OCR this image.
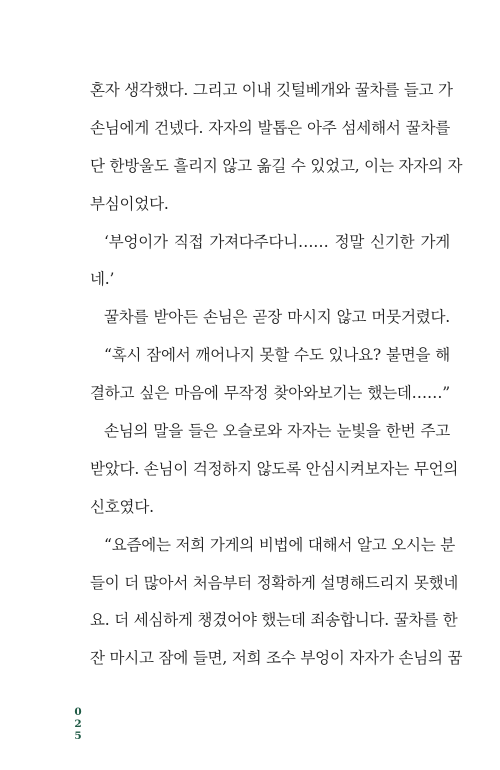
혼자 생각했다. 그리고 이내 깃털베개와 꿀차를 들고 가
손님에게 건넸다. 자자의 발톱은 아주 섬세해서 꿀차를
단 한방울도 흘리지 않고 옮길 수 있었고, 이는 자자의 자
부심이었다.
‘부엉이가 직접 가져다주다니…… 정말 신기한 가게
네.’
꿀차를 받아든 손님은 곧장 마시지 않고 머뭇거렸다.
“혹시 잠에서 깨어나지 못할 수도 있나요? 불면을 해
결하고 싶은 마음에 무작정 찾아와보기는 했는데……”
손님의 말을 들은 오슬로와 자자는 눈빛을 한번 주고
받았다. 손님이 걱정하지 않도록 안심시켜보자는 무언의
신호였다.
“요즘에는 저희 가게의 비법에 대해서 알고 오시는 분
들이 더 많아서 처음부터 정확하게 설명해드리지 못했네
요. 더 세심하게 챙겼어야 했는데 죄송합니다. 꿀차를 한
잔 마시고 잠에 들면, 저희 조수 부엉이 자자가 손님의 꿈
0
2
5
